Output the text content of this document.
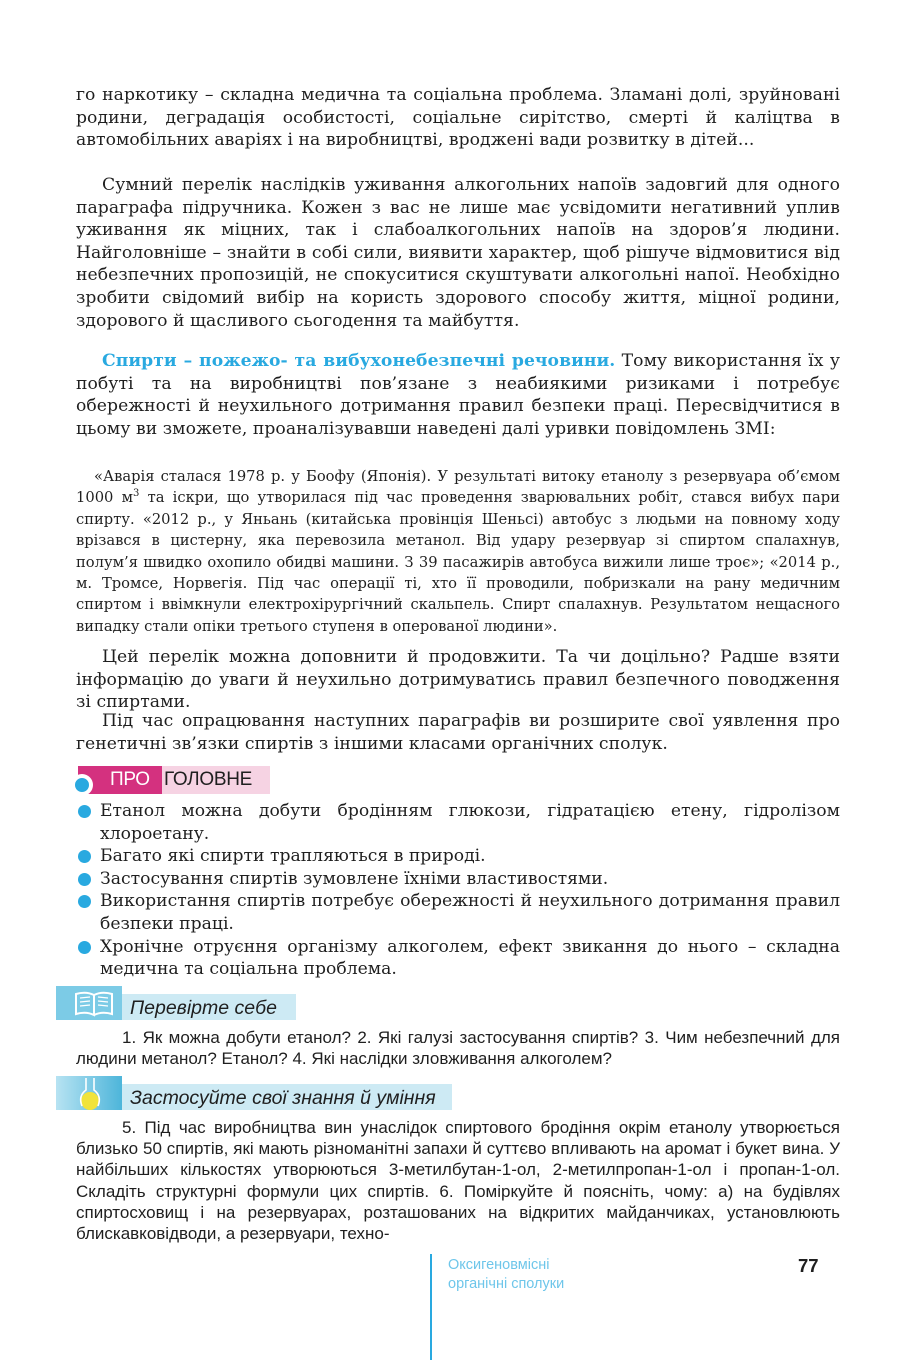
го наркотику – складна медична та соціальна проблема. Зламані долі, зруйновані родини, деградація особистості, соціальне сирітство, смерті й каліцтва в автомобільних аваріях і на виробництві, вроджені вади розвитку в дітей...

Сумний перелік наслідків уживання алкогольних напоїв задовгий для одного параграфа підручника. Кожен з вас не лише має усвідомити негативний уплив уживання як міцних, так і слабоалкогольних напоїв на здоров’я людини. Найголовніше – знайти в собі сили, виявити характер, щоб рішуче відмовитися від небезпечних пропозицій, не спокуситися скуштувати алкогольні напої. Необхідно зробити свідомий вибір на користь здорового способу життя, міцної родини, здорового й щасливого сьогодення та майбуття.

Спирти – пожежо- та вибухонебезпечні речовини. Тому використання їх у побуті та на виробництві пов’язане з неабиякими ризиками і потребує обережності й неухильного дотримання правил безпеки праці. Пересвідчитися в цьому ви зможете, проаналізувавши наведені далі уривки повідомлень ЗМІ:

«Аварія сталася 1978 р. у Боофу (Японія). У результаті витоку етанолу з резервуара об’ємом 1000 $м^3$ та іскри, що утворилася під час проведення зварювальних робіт, стався вибух пари спирту. «2012 р., у Яньань (китайська провінція Шеньсі) автобус з людьми на повному ходу врізався в цистерну, яка перевозила метанол. Від удару резервуар зі спиртом спалахнув, полум’я швидко охопило обидві машини. З 39 пасажирів автобуса вижили лише троє»; «2014 р., м. Тромсе, Норвегія. Під час операції ті, хто її проводили, побризкали на рану медичним спиртом і ввімкнули електрохірургічний скальпель. Спирт спалахнув. Результатом нещасного випадку стали опіки третього ступеня в оперованої людини».

Цей перелік можна доповнити й продовжити. Та чи доцільно? Радше взяти інформацію до уваги й неухильно дотримуватись правил безпечного поводження зі спиртами.

Під час опрацювання наступних параграфів ви розширите свої уявлення про генетичні зв’язки спиртів з іншими класами органічних сполук.

ПРО ГОЛОВНЕ
Етанол можна добути бродінням глюкози, гідратацією етену, гідролізом хлороетану.
Багато які спирти трапляються в природі.
Застосування спиртів зумовлене їхніми властивостями.
Використання спиртів потребує обережності й неухильного дотримання правил безпеки праці.
Хронічне отруєння організму алкоголем, ефект звикання до нього – складна медична та соціальна проблема.
Перевірте себе

1. Як можна добути етанол? 2. Які галузі застосування спиртів? 3. Чим небезпечний для людини метанол? Етанол? 4. Які наслідки зловживання алкоголем?

Застосуйте свої знання й уміння

5. Під час виробництва вин унаслідок спиртового бродіння окрім етанолу утворюється близько 50 спиртів, які мають різноманітні запахи й суттєво впливають на аромат і букет вина. У найбільших кількостях утворюються 3-метилбутан-1-ол, 2-метилпропан-1-ол і пропан-1-ол. Складіть структурні формули цих спиртів. 6. Поміркуйте й поясніть, чому: а) на будівлях спиртосховищ і на резервуарах, розташованих на відкритих майданчиках, установлюють блискавковідводи, а резервуари, техно-

Оксигеновмісні
органічні сполуки
77
